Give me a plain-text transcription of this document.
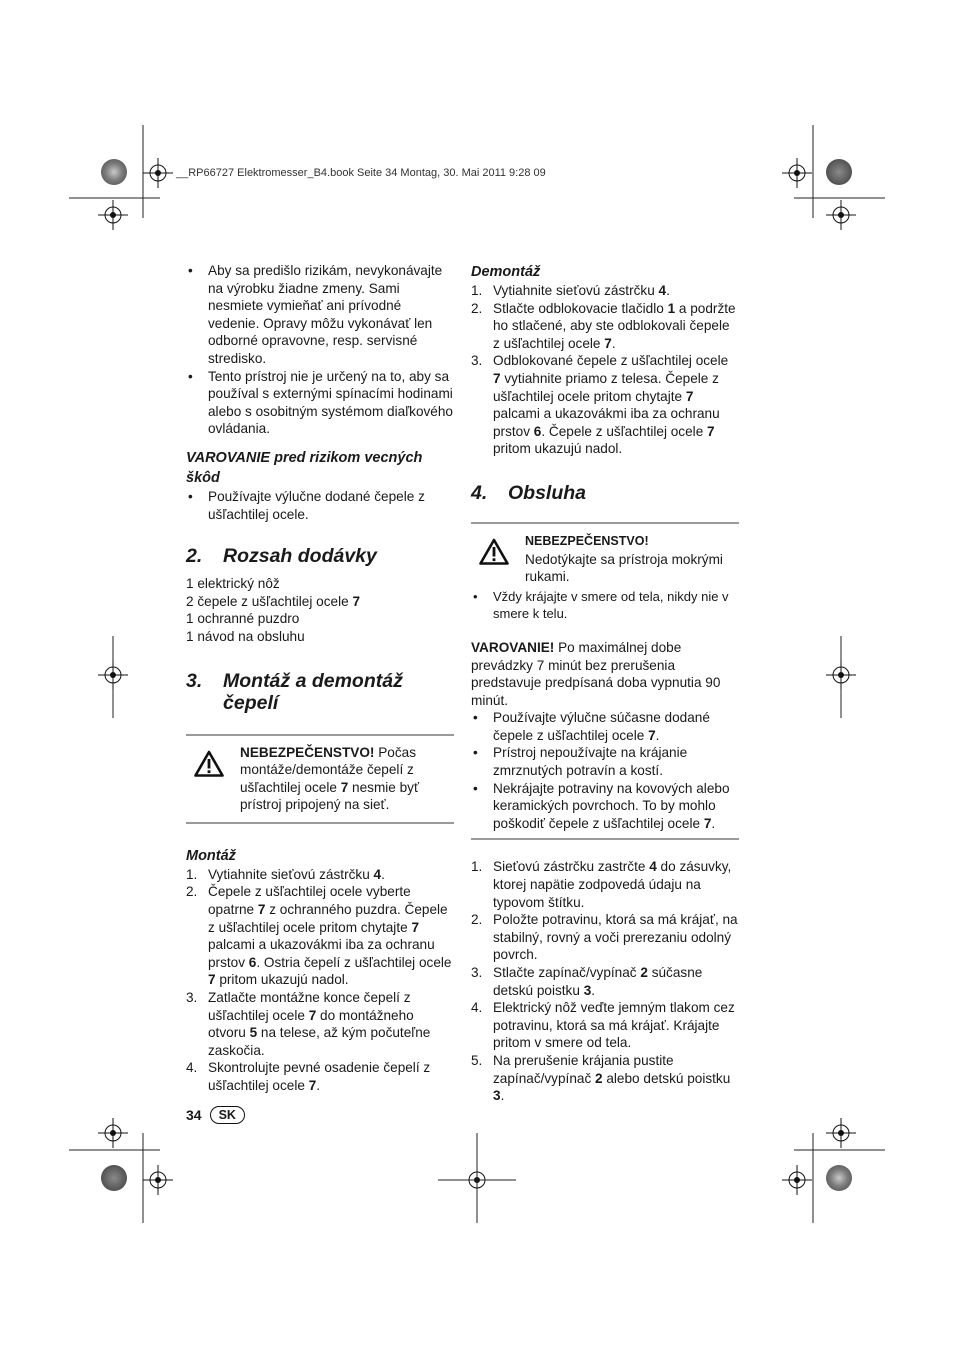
__RP66727 Elektromesser_B4.book Seite 34 Montag, 30. Mai 2011 9:28 09
• Aby sa predišlo rizikám, nevykonávajte na výrobku žiadne zmeny. Sami nesmiete vymieňať ani prívodné vedenie. Opravy môžu vykonávať len odborné opravovne, resp. servisné stredisko.
• Tento prístroj nie je určený na to, aby sa používal s externými spínacími hodinami alebo s osobitným systémom diaľkového ovládania.

VAROVANIE pred rizikom vecných škôd

• Používajte výlučne dodané čepele z ušľachtilej ocele.
2.	Rozsah dodávky

1 elektrický nôž

2 čepele z ušľachtilej ocele 7

1 ochranné puzdro

1 návod na obsluhu

3.	Montáž a demontáž čepelí
NEBEZPEČENSTVO! Počas montáže/demontáže čepelí z ušľachtilej ocele 7 nesmie byť prístroj pripojený na sieť.

Montáž

1. Vytiahnite sieťovú zástrčku 4.
2. Čepele z ušľachtilej ocele vyberte opatrne 7 z ochranného puzdra. Čepele z ušľachtilej ocele pritom chytajte 7 palcami a ukazovákmi iba za ochranu prstov 6. Ostria čepelí z ušľachtilej ocele 7 pritom ukazujú nadol.
3. Zatlačte montážne konce čepelí z ušľachtilej ocele 7 do montážneho otvoru 5 na telese, až kým počuteľne zaskočia.
4. Skontrolujte pevné osadenie čepelí z ušľachtilej ocele 7.

Demontáž

1. Vytiahnite sieťovú zástrčku 4.
2. Stlačte odblokovacie tlačidlo 1 a podržte ho stlačené, aby ste odblokovali čepele z ušľachtilej ocele 7.
3. Odblokované čepele z ušľachtilej ocele 7 vytiahnite priamo z telesa. Čepele z ušľachtilej ocele pritom chytajte 7 palcami a ukazovákmi iba za ochranu prstov 6. Čepele z ušľachtilej ocele 7 pritom ukazujú nadol.
4.	Obsluha
NEBEZPEČENSTVO!
Nedotýkajte sa prístroja mokrými rukami.
• Vždy krájajte v smere od tela, nikdy nie v smere k telu.

VAROVANIE! Po maximálnej dobe prevádzky 7 minút bez prerušenia predstavuje predpísaná doba vypnutia 90 minút.

• Používajte výlučne súčasne dodané čepele z ušľachtilej ocele 7.
• Prístroj nepoužívajte na krájanie zmrznutých potravín a kostí.
• Nekrájajte potraviny na kovových alebo keramických povrchoch. To by mohlo poškodiť čepele z ušľachtilej ocele 7.
1. Sieťovú zástrčku zastrčte 4 do zásuvky, ktorej napätie zodpovedá údaju na typovom štítku.
2. Položte potravinu, ktorá sa má krájať, na stabilný, rovný a voči prerezaniu odolný povrch.
3. Stlačte zapínač/vypínač 2 súčasne detskú poistku 3.
4. Elektrický nôž veďte jemným tlakom cez potravinu, ktorá sa má krájať. Krájajte pritom v smere od tela.
5. Na prerušenie krájania pustite zapínač/vypínač 2 alebo detskú poistku 3.
34	SK
